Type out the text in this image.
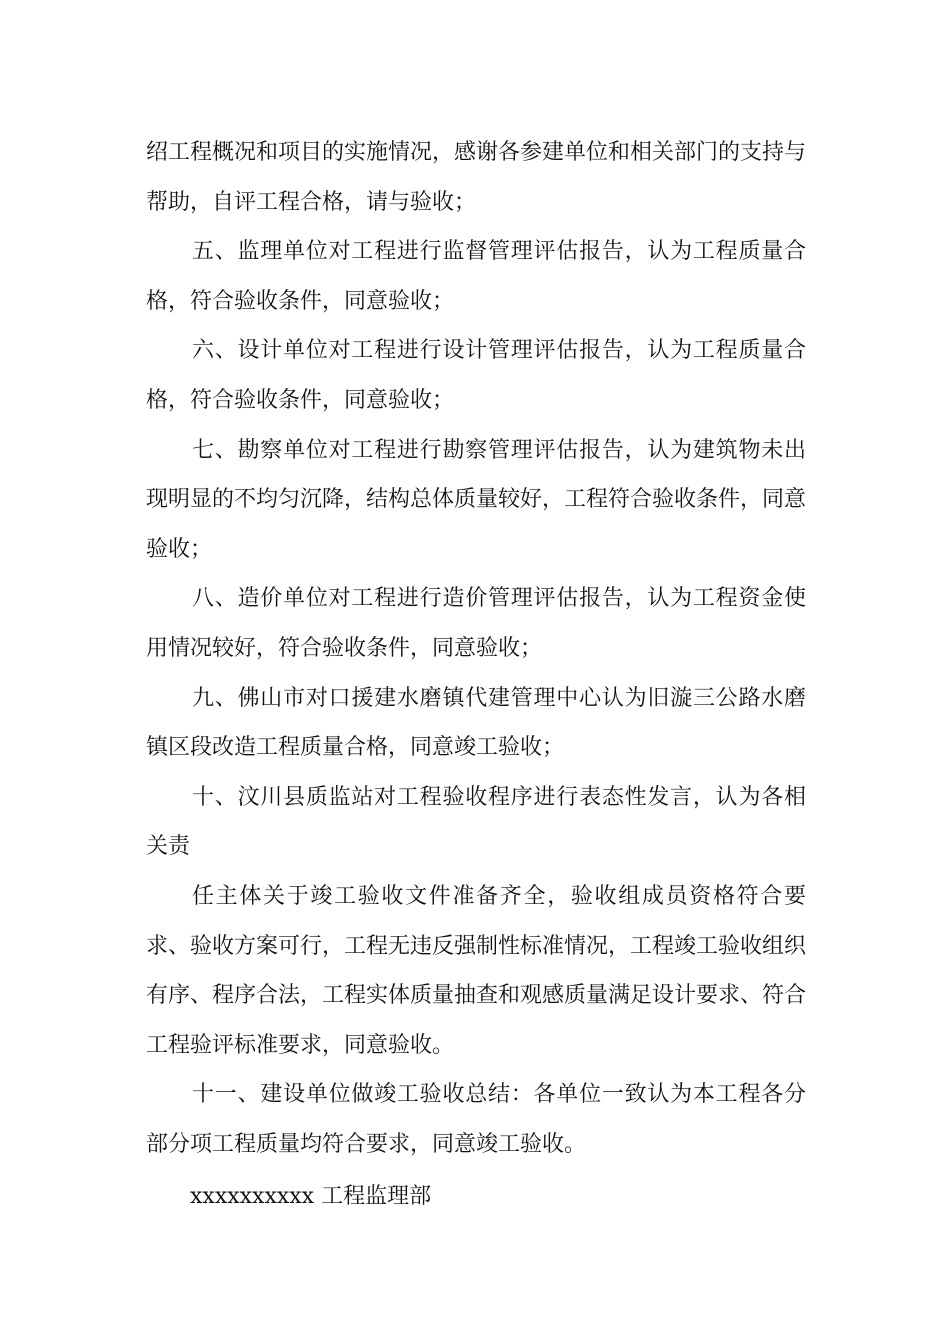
绍工程概况和项目的实施情况，感谢各参建单位和相关部门的支持与帮助，自评工程合格，请与验收；

五、监理单位对工程进行监督管理评估报告，认为工程质量合格，符合验收条件，同意验收；

六、设计单位对工程进行设计管理评估报告，认为工程质量合格，符合验收条件，同意验收；

七、勘察单位对工程进行勘察管理评估报告，认为建筑物未出现明显的不均匀沉降，结构总体质量较好，工程符合验收条件，同意验收；

八、造价单位对工程进行造价管理评估报告，认为工程资金使用情况较好，符合验收条件，同意验收；

九、佛山市对口援建水磨镇代建管理中心认为旧漩三公路水磨镇区段改造工程质量合格，同意竣工验收；

十、汶川县质监站对工程验收程序进行表态性发言，认为各相关责

任主体关于竣工验收文件准备齐全，验收组成员资格符合要求、验收方案可行，工程无违反强制性标准情况，工程竣工验收组织有序、程序合法，工程实体质量抽查和观感质量满足设计要求、符合工程验评标准要求，同意验收。

十一、建设单位做竣工验收总结：各单位一致认为本工程各分部分项工程质量均符合要求，同意竣工验收。

xxxxxxxxxx 工程监理部
